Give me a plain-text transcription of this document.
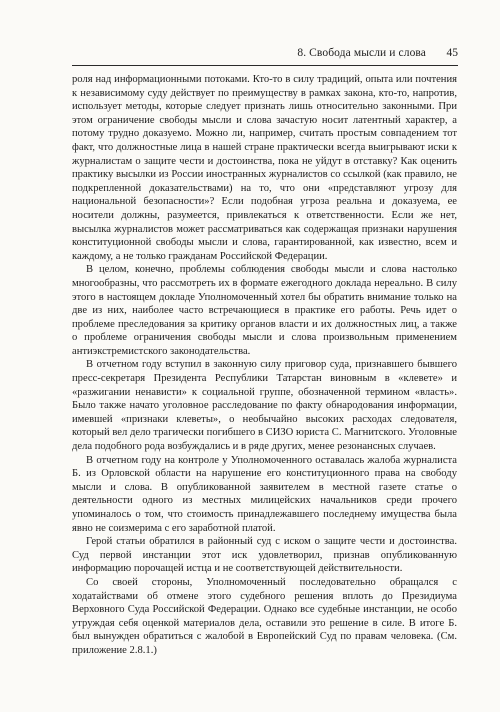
8. Свобода мысли и слова 45

роля над информационными потоками. Кто-то в силу традиций, опыта или почтения к независимому суду действует по преимуществу в рамках закона, кто-то, напротив, использует методы, которые следует признать лишь относительно законными. При этом ограничение свободы мысли и слова зачастую носит латентный характер, а потому трудно доказуемо. Можно ли, например, считать простым совпадением тот факт, что должностные лица в нашей стране практически всегда выигрывают иски к журналистам о защите чести и достоинства, пока не уйдут в отставку? Как оценить практику высылки из России иностранных журналистов со ссылкой (как правило, не подкрепленной доказательствами) на то, что они «представляют угрозу для национальной безопасности»? Если подобная угроза реальна и доказуема, ее носители должны, разумеется, привлекаться к ответственности. Если же нет, высылка журналистов может рассматриваться как содержащая признаки нарушения конституционной свободы мысли и слова, гарантированной, как известно, всем и каждому, а не только гражданам Российской Федерации.

В целом, конечно, проблемы соблюдения свободы мысли и слова настолько многообразны, что рассмотреть их в формате ежегодного доклада нереально. В силу этого в настоящем докладе Уполномоченный хотел бы обратить внимание только на две из них, наиболее часто встречающиеся в практике его работы. Речь идет о проблеме преследования за критику органов власти и их должностных лиц, а также о проблеме ограничения свободы мысли и слова произвольным применением антиэкстремистского законодательства.

В отчетном году вступил в законную силу приговор суда, признавшего бывшего пресс-секретаря Президента Республики Татарстан виновным в «клевете» и «разжигании ненависти» к социальной группе, обозначенной термином «власть». Было также начато уголовное расследование по факту обнародования информации, имевшей «признаки клеветы», о необычайно высоких расходах следователя, который вел дело трагически погибшего в СИЗО юриста С. Магнитского. Уголовные дела подобного рода возбуждались и в ряде других, менее резонансных случаев.

В отчетном году на контроле у Уполномоченного оставалась жалоба журналиста Б. из Орловской области на нарушение его конституционного права на свободу мысли и слова. В опубликованной заявителем в местной газете статье о деятельности одного из местных милицейских начальников среди прочего упоминалось о том, что стоимость принадлежавшего последнему имущества была явно не соизмерима с его заработной платой.

Герой статьи обратился в районный суд с иском о защите чести и достоинства. Суд первой инстанции этот иск удовлетворил, признав опубликованную информацию порочащей истца и не соответствующей действительности.

Со своей стороны, Уполномоченный последовательно обращался с ходатайствами об отмене этого судебного решения вплоть до Президиума Верховного Суда Российской Федерации. Однако все судебные инстанции, не особо утруждая себя оценкой материалов дела, оставили это решение в силе. В итоге Б. был вынужден обратиться с жалобой в Европейский Суд по правам человека. (См. приложение 2.8.1.)
